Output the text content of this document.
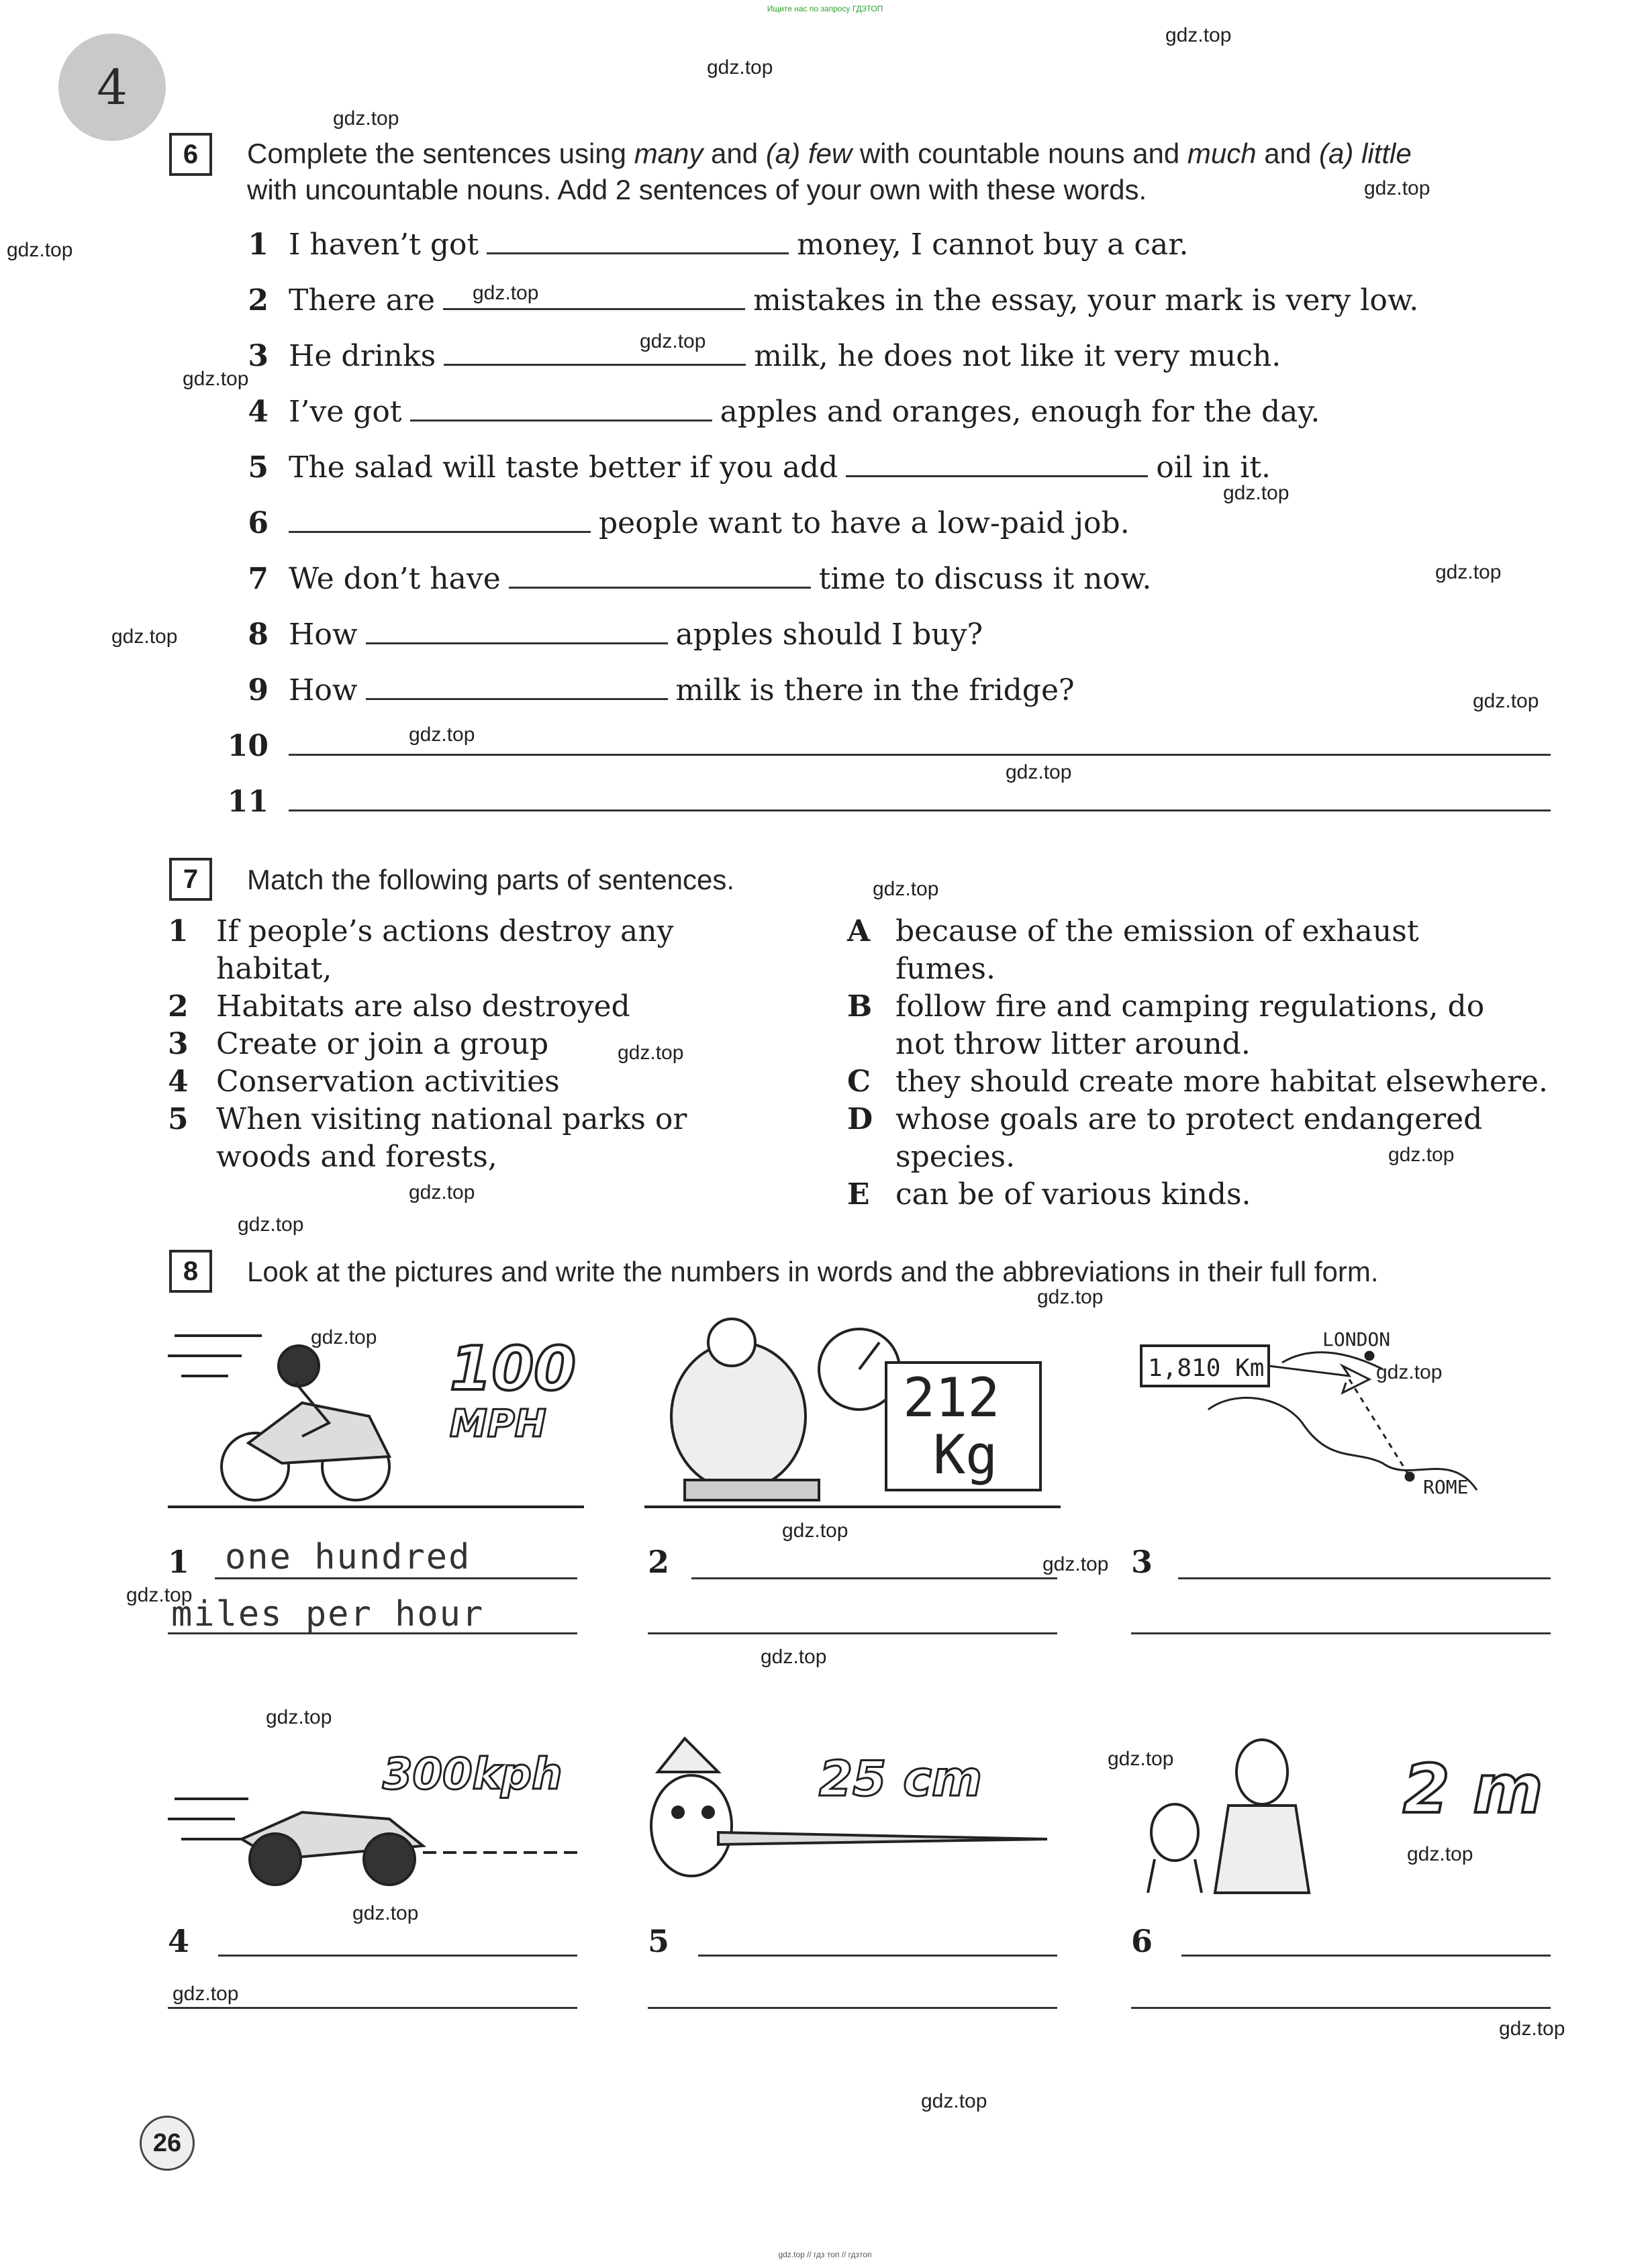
Ищите нас по запросу ГДЗТОП
gdz.top // гдз топ // гдзтоп
4
6	Complete the sentences using many and (a) few with countable nouns and much and (a) little
with uncountable nouns. Add 2 sentences of your own with these words.
1 I haven’t got	money, I cannot buy a car.
2 There are	mistakes in the essay, your mark is very low.
3 He drinks	milk, he does not like it very much.
4 I’ve got	apples and oranges, enough for the day.
5 The salad will taste better if you add	oil in it.
6	people want to have a low-paid job.
7 We don’t have	time to discuss it now.
8 How	apples should I buy?
9 How	milk is there in the fridge?
10
11
7	Match the following parts of sentences.
1 If people’s actions destroy any
habitat,
2 Habitats are also destroyed
3 Create or join a group
4 Conservation activities
5 When visiting national parks or
woods and forests,
A because of the emission of exhaust
fumes.
B follow fire and camping regulations, do
not throw litter around.
C they should create more habitat elsewhere.
D whose goals are to protect endangered
species.
E can be of various kinds.
8	Look at the pictures and write the numbers in words and the abbreviations in their full form.
100
MPH	212
Kg
1,810 Km
LONDON
ROME
1 one hundred
miles per hour
2	3
300kph	25 cm	2 m
4	5	6
26
gdz.top
gdz.top
gdz.top
gdz.top
gdz.top
gdz.top
gdz.top
gdz.top
gdz.top
gdz.top
gdz.top
gdz.top
gdz.top
gdz.top
gdz.top
gdz.top
gdz.top
gdz.top
gdz.top
gdz.top
gdz.top
gdz.top
gdz.top
gdz.top
gdz.top
gdz.top
gdz.top
gdz.top
gdz.top
gdz.top
gdz.top
gdz.top
gdz.top
